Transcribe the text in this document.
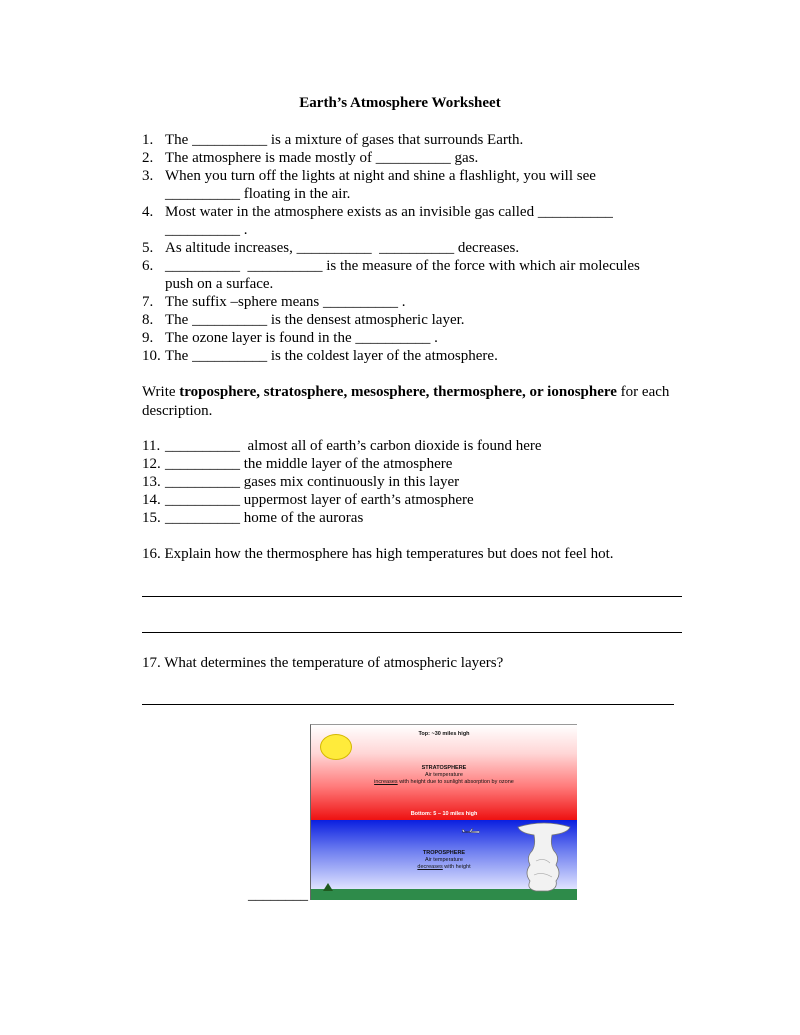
Earth’s Atmosphere Worksheet
1. The __________ is a mixture of gases that surrounds Earth.
2. The atmosphere is made mostly of __________ gas.
3. When you turn off the lights at night and shine a flashlight, you will see
__________ floating in the air.
4. Most water in the atmosphere exists as an invisible gas called __________
__________ .
5. As altitude increases, __________  __________ decreases.
6. __________  __________ is the measure of the force with which air molecules
push on a surface.
7. The suffix –sphere means __________ .
8. The __________ is the densest atmospheric layer.
9. The ozone layer is found in the __________ .
10. The __________ is the coldest layer of the atmosphere.
Write troposphere, stratosphere, mesosphere, thermosphere, or ionosphere for each
description.
11. __________  almost all of earth’s carbon dioxide is found here
12. __________ the middle layer of the atmosphere
13. __________ gases mix continuously in this layer
14. __________ uppermost layer of earth’s atmosphere
15. __________ home of the auroras
16. Explain how the thermosphere has high temperatures but does not feel hot.
17. What determines the temperature of atmospheric layers?
Top: ~30 miles high
STRATOSPHERE
Air temperature
increases with height due to sunlight absorption by ozone
Bottom: 5 – 10 miles high
TROPOSPHERE
Air temperature
decreases with height
________
